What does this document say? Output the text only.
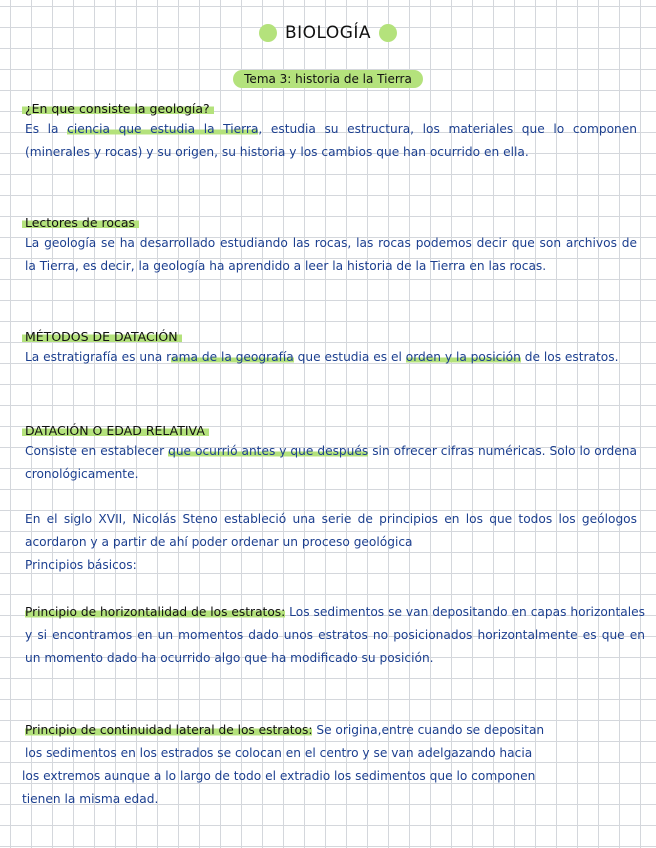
BIOLOGÍA
Tema 3: historia de la Tierra
¿En que consiste la geología?

Es la ciencia que estudia la Tierra, estudia su estructura, los materiales que lo componen (minerales y rocas) y su origen, su historia y los cambios que han ocurrido en ella.

Lectores de rocas

La geología se ha desarrollado estudiando las rocas, las rocas podemos decir que son archivos de la Tierra, es decir, la geología ha aprendido a leer la historia de la Tierra en las rocas.

MÉTODOS DE DATACIÓN

La estratigrafía es una rama de la geografía que estudia es el orden y la posición de los estratos.

DATACIÓN O EDAD RELATIVA

Consiste en establecer que ocurrió antes y que después sin ofrecer cifras numéricas. Solo lo ordena cronológicamente.

En el siglo XVII, Nicolás Steno estableció una serie de principios en los que todos los geólogos acordaron y a partir de ahí poder ordenar un proceso geológica

Principios básicos:

Principio de horizontalidad de los estratos: Los sedimentos se van depositando en capas horizontales y si encontramos en un momentos dado unos estratos no posicionados horizontalmente es que en un momento dado ha ocurrido algo que ha modificado su posición.

Principio de continuidad lateral de los estratos: Se origina,entre cuando se depositan

los sedimentos en los estrados se colocan en el centro y se van adelgazando hacia

los extremos aunque a lo largo de todo el extradio los sedimentos que lo componen

tienen la misma edad.
